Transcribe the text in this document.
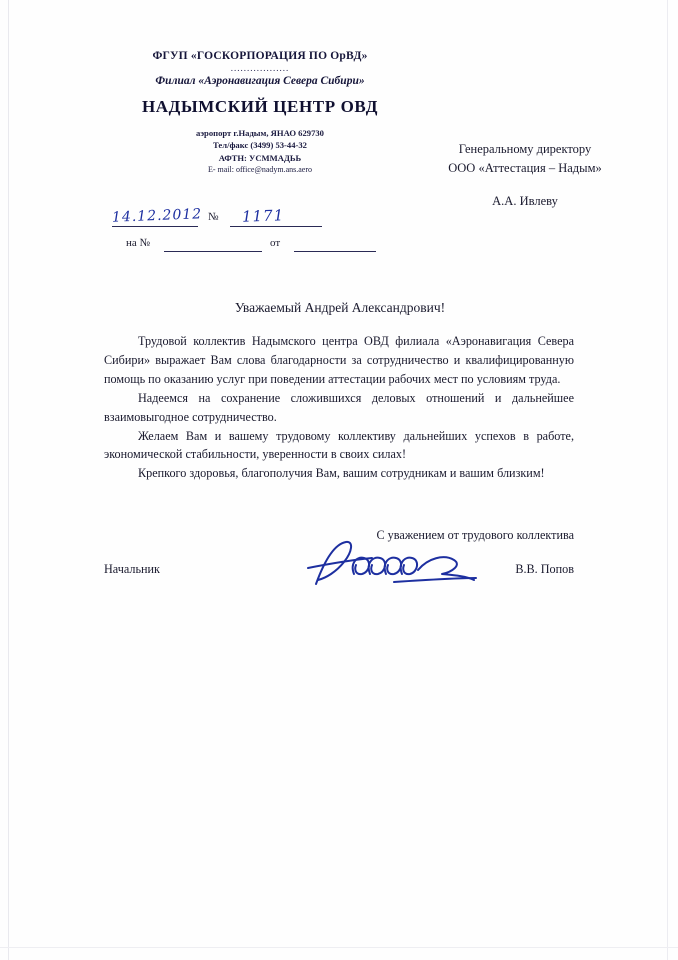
ФГУП «ГОСКОРПОРАЦИЯ ПО ОрВД»
..................
Филиал «Аэронавигация Севера Сибири»
НАДЫМСКИЙ ЦЕНТР ОВД
аэропорт г.Надым, ЯНАО 629730
Тел/факс (3499) 53-44-32
АФТН: УСММАДЬЬ
E- mail: office@nadym.ans.aero
14.12.2012 № 1171
на №	от
Генеральному директору
ООО «Аттестация – Надым»
А.А. Ивлеву
Уважаемый Андрей Александрович!

Трудовой коллектив Надымского центра ОВД филиала «Аэронавигация Севера Сибири» выражает Вам слова благодарности за сотрудничество и квалифицированную помощь по оказанию услуг при поведении аттестации рабочих мест по условиям труда.

Надеемся на сохранение сложившихся деловых отношений и дальнейшее взаимовыгодное сотрудничество.

Желаем Вам и вашему трудовому коллективу дальнейших успехов в работе, экономической стабильности, уверенности в своих силах!

Крепкого здоровья, благополучия Вам, вашим сотрудникам и вашим близким!

С уважением от трудового коллектива
Начальник	В.В. Попов
